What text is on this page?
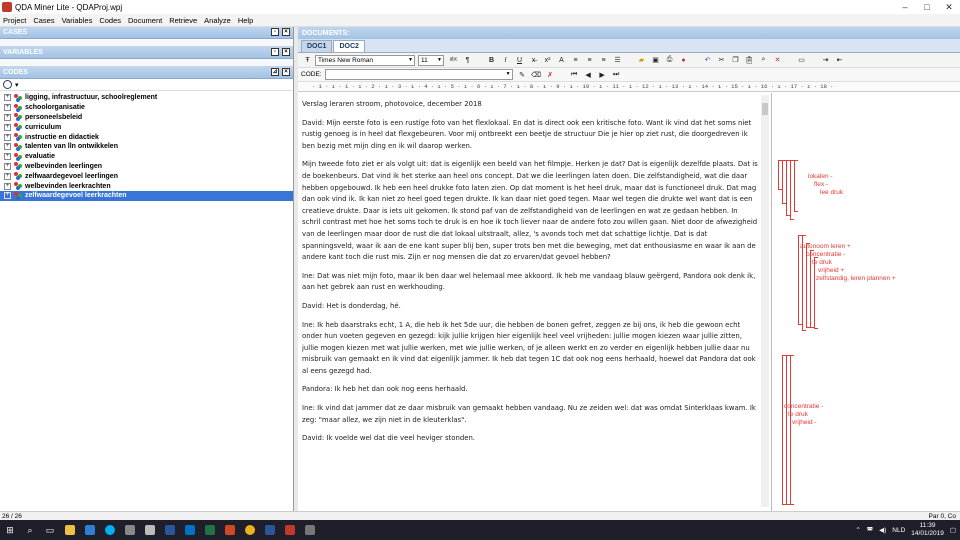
QDA Miner Lite - QDAProj.wpj	–	□	✕
Project Cases Variables Codes Document Retrieve Analyze Help
CASES	▫	×
VARIABLES	▫	×
CODES	⊿	×
▾
+ ligging, infrastructuur, schoolreglement
+ schoolorganisatie
+ personeelsbeleid
+ curriculum
+ instructie en didactiek
+ talenten van lln ontwikkelen
+ evaluatie
+ welbevinden leerlingen
+ zelfwaardegevoel leerlingen
+ welbevinden leerkrachten
+ zelfwaardegevoel leerkrachten
DOCUMENTS:
DOC1	DOC2
Ŧ	Times New Roman	▼ 11 ▼	ᵃᵇᶜ	¶	B	I	U	x̶	x²	A	≡	≡	≡	☰	▰	▣	⎙	●	↶	✂	❐ 📋︎	⌕	✕	▭	⇥	⇤
CODE:	▼	✎ ⌫ ✗	⏮	◀	▶	⏭
· 1 · ı · 1 · ı · 2 · ı · 3 · ı · 4 · ı · 5 · ı · 6 · ı · 7 · ı · 8 · ı · 9 · ı · 10 · ı · 11 · ı · 12 · ı · 13 · ı · 14 · ı · 15 · ı · 16 · ı · 17 · ı · 18 ·

Verslag leraren stroom, photovoice, december 2018

David: Mijn eerste foto is een rustige foto van het flexlokaal. En dat is direct ook een kritische foto. Want ik vind dat het soms niet rustig genoeg is in heel dat flexgebeuren. Voor mij ontbreekt een beetje de structuur Die je hier op ziet rust, die doorgedreven ik ben bezig met mijn ding en ik wil daarop werken.

Mijn tweede foto ziet er als volgt uit: dat is eigenlijk een beeld van het filmpje. Herken je dat? Dat is eigenlijk dezelfde plaats. Dat is de boekenbeurs. Dat vind ik het sterke aan heel ons concept. Dat we die leerlingen laten doen. Die zelfstandigheid, wat die daar hebben opgebouwd. Ik heb een heel drukke foto laten zien. Op dat moment is het heel druk, maar dat is functioneel druk. Dat mag dan ook vind ik. Ik kan niet zo heel goed tegen drukte. Ik kan daar niet goed tegen. Maar wel tegen die drukte wel want dat is een creatieve drukte. Daar is iets uit gekomen. Ik stond paf van de zelfstandigheid van de leerlingen en wat ze gedaan hebben. In schril contrast met hoe het soms toch te druk is en hoe ik toch liever naar de andere foto zou willen gaan. Niet door de afwezigheid van de leerlingen maar door de rust die dat lokaal uitstraalt, allez, 's avonds toch met dat schattige lichtje. Dat is dat spanningsveld, waar ik aan de ene kant super blij ben, super trots ben met die beweging, met dat enthousiasme en waar ik aan de andere kant toch die rust mis. Zijn er nog mensen die dat zo ervaren/dat gevoel hebben?

Ine: Dat was niet mijn foto, maar ik ben daar wel helemaal mee akkoord. Ik heb me vandaag blauw geërgerd, Pandora ook denk ik, aan het gebrek aan rust en werkhouding.

David: Het is donderdag, hé.

Ine: Ik heb daarstraks echt, 1 A, die heb ik het 5de uur, die hebben de bonen gefret, zeggen ze bij ons, ik heb die gewoon echt onder hun voeten gegeven en gezegd: kijk jullie krijgen hier eigenlijk heel veel vrijheden: jullie mogen kiezen waar jullie zitten, jullie mogen kiezen met wat jullie werken, met wie jullie werken, of je alleen werkt en zo verder en eigenlijk hebben jullie daar nu misbruik van gemaakt en ik vind dat eigenlijk jammer. Ik heb dat tegen 1C dat ook nog eens herhaald, hoewel dat Pandora dat ook al eens gezegd had.

Pandora: Ik heb het dan ook nog eens herhaald.

Ine: Ik vind dat jammer dat ze daar misbruik van gemaakt hebben vandaag. Nu ze zeiden wel: dat was omdat Sinterklaas kwam. Ik zeg: "maar allez, we zijn niet in de kleuterklas".

David: Ik voelde wel dat die veel heviger stonden.

lokalen -
flex -
lee druk
autonoom leren +
concentratie -
te druk
vrijheid +
zelfstandig, leren plannen +
concentratie -
te druk
vrijheid -
26 / 26	Par 0, Co
⊞	⌕	▭	⌃ ◚ ◀) NLD
11:39
14/01/2019 ▢
